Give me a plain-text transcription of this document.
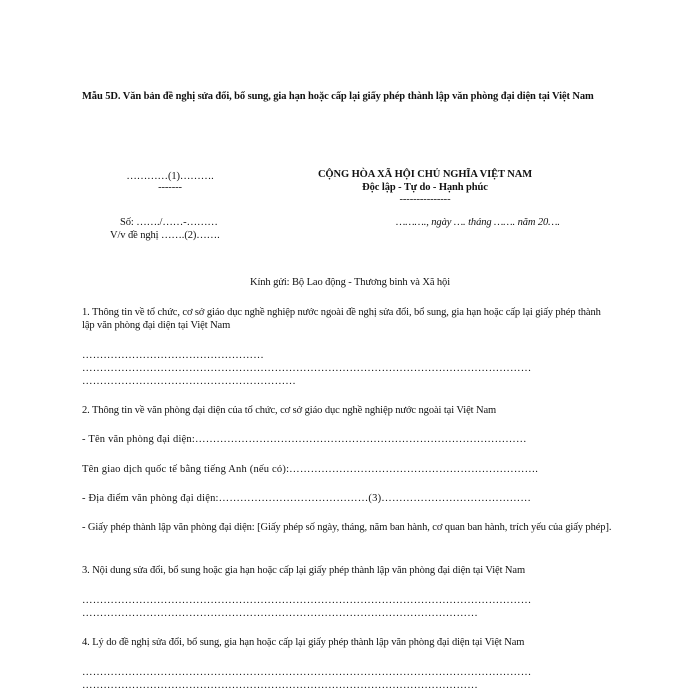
Mẫu 5D. Văn bản đề nghị sửa đổi, bổ sung, gia hạn hoặc cấp lại giấy phép thành lập văn phòng đại diện tại Việt Nam
…………(1)……….
-------
Số: ……./……-………
V/v đề nghị …….(2)…….
CỘNG HÒA XÃ HỘI CHỦ NGHĨA VIỆT NAM
Độc lập - Tự do - Hạnh phúc
---------------
………., ngày …. tháng ……. năm 20….
Kính gửi: Bộ Lao động - Thương binh và Xã hội
1. Thông tin về tổ chức, cơ sở giáo dục nghề nghiệp nước ngoài đề nghị sửa đổi, bổ sung, gia hạn hoặc cấp lại giấy phép thành lập văn phòng đại diện tại Việt Nam
……………………………………………
………………………………………………………………………………………………………………
……………………………………………………
2. Thông tin về văn phòng đại diện của tổ chức, cơ sở giáo dục nghề nghiệp nước ngoài tại Việt Nam
- Tên văn phòng đại diện:…………………………………………………………………………………
Tên giao dịch quốc tế bằng tiếng Anh (nếu có):…………………………………………………………….
- Địa điểm văn phòng đại diện:……………………………………(3)……………………………………
- Giấy phép thành lập văn phòng đại diện: [Giấy phép số ngày, tháng, năm ban hành, cơ quan ban hành, trích yếu của giấy phép].
3. Nội dung sửa đổi, bổ sung hoặc gia hạn hoặc cấp lại giấy phép thành lập văn phòng đại diện tại Việt Nam
………………………………………………………………………………………………………………
…………………………………………………………………………………………………
4. Lý do đề nghị sửa đổi, bổ sung, gia hạn hoặc cấp lại giấy phép thành lập văn phòng đại diện tại Việt Nam
………………………………………………………………………………………………………………
…………………………………………………………………………………………………
